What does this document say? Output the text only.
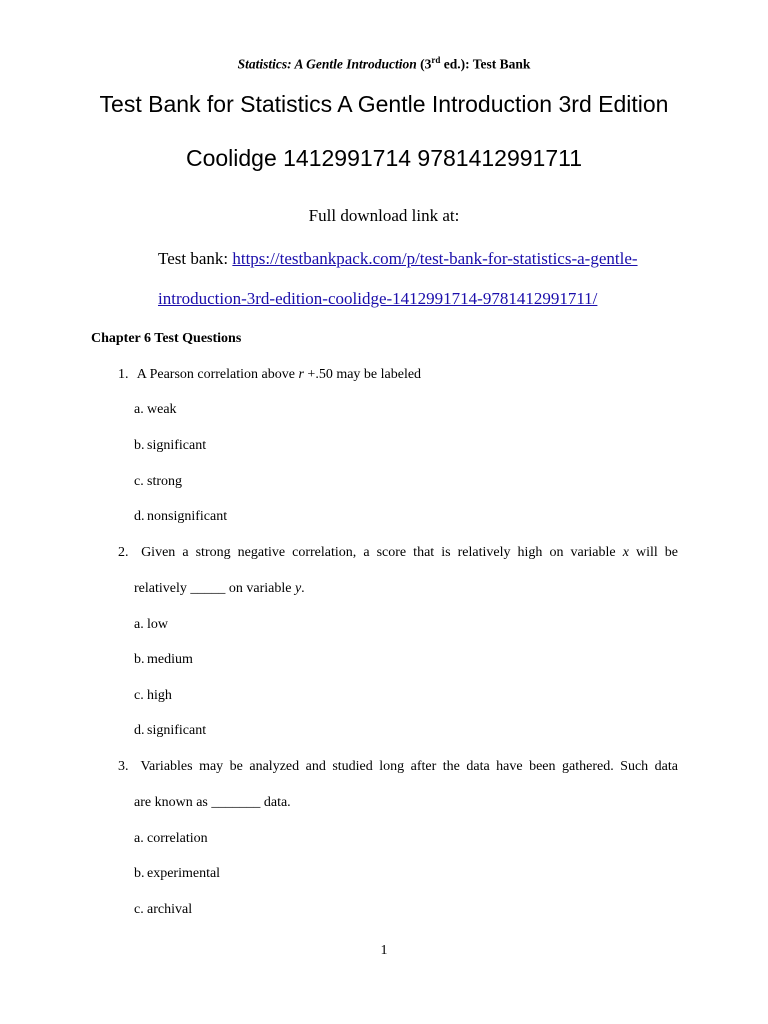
Statistics: A Gentle Introduction (3rd ed.): Test Bank
Test Bank for Statistics A Gentle Introduction 3rd Edition
Coolidge 1412991714 9781412991711
Full download link at:
Test bank: https://testbankpack.com/p/test-bank-for-statistics-a-gentle-
introduction-3rd-edition-coolidge-1412991714-9781412991711/
Chapter 6 Test Questions
1. A Pearson correlation above r +.50 may be labeled
a. weak
b. significant
c. strong
d. nonsignificant
2. Given a strong negative correlation, a score that is relatively high on variable x will be
relatively _____ on variable y.
a. low
b. medium
c. high
d. significant
3. Variables may be analyzed and studied long after the data have been gathered. Such data
are known as _______ data.
a. correlation
b. experimental
c. archival
1
